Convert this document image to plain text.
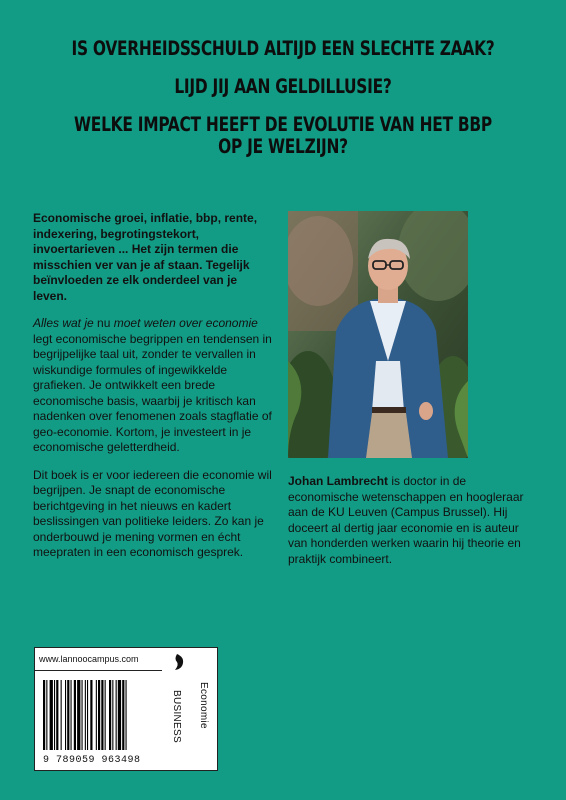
IS OVERHEIDSSCHULD ALTIJD EEN SLECHTE ZAAK?
LIJD JIJ AAN GELDILLUSIE?
WELKE IMPACT HEEFT DE EVOLUTIE VAN HET BBP
OP JE WELZIJN?

Economische groei, inflatie, bbp, rente, indexering, begrotingstekort, invoertarieven ... Het zijn termen die misschien ver van je af staan. Tegelijk beïnvloeden ze elk onderdeel van je leven.

Alles wat je nu moet weten over economie legt economische begrippen en tendensen in begrijpelijke taal uit, zonder te vervallen in wiskundige formules of ingewikkelde grafieken. Je ontwikkelt een brede economische basis, waarbij je kritisch kan nadenken over fenomenen zoals stagflatie of geo-economie. Kortom, je investeert in je economische geletterdheid.

Dit boek is er voor iedereen die economie wil begrijpen. Je snapt de economische berichtgeving in het nieuws en kadert beslissingen van politieke leiders. Zo kan je onderbouwd je mening vormen en écht meepraten in een economisch gesprek.

Johan Lambrecht is doctor in de economische wetenschappen en hoogleraar aan de KU Leuven (Campus Brussel). Hij doceert al dertig jaar economie en is auteur van honderden werken waarin hij theorie en praktijk combineert.

www.lannoocampus.com
9 789059 963498
BUSINESS Economie
